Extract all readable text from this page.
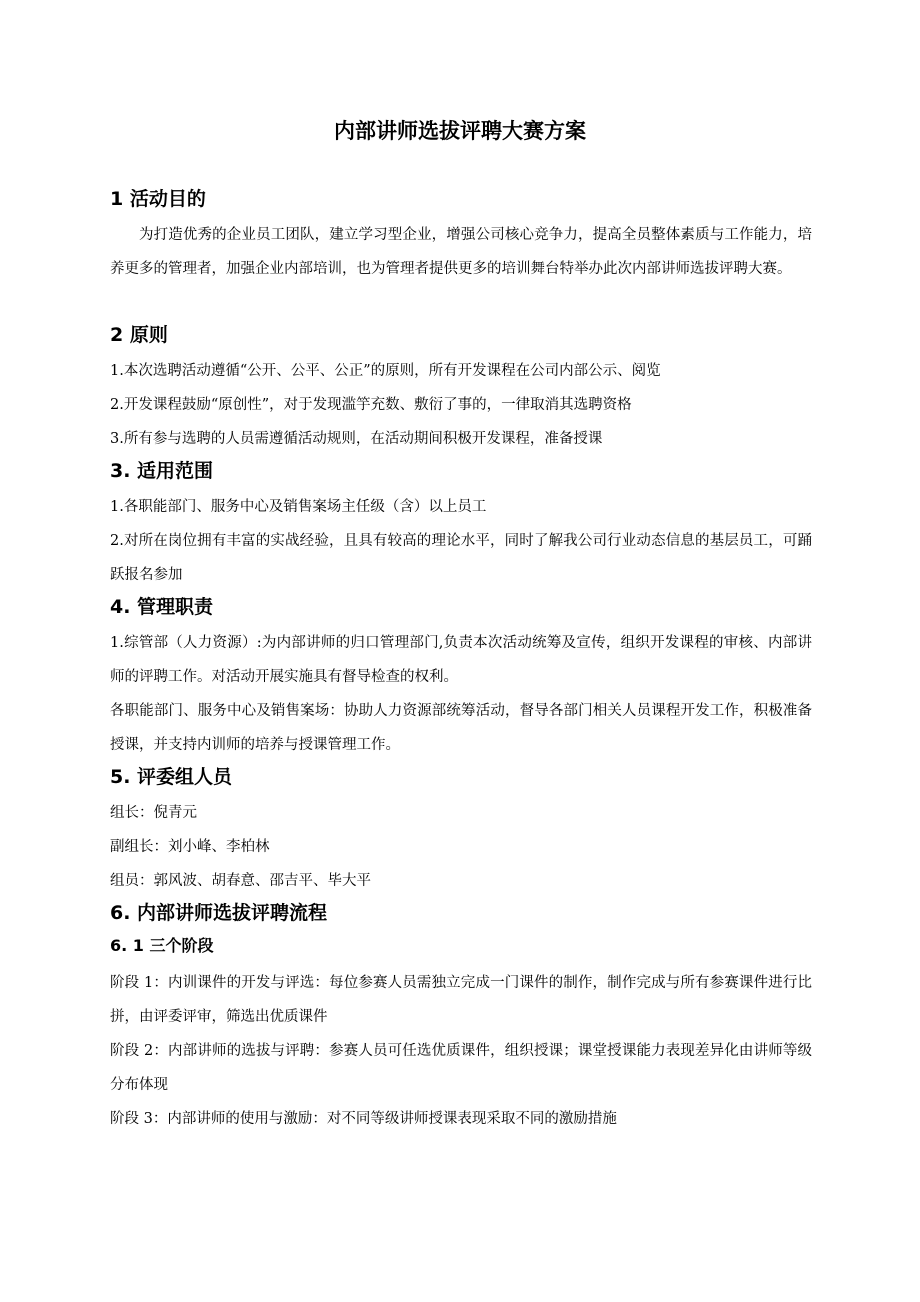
内部讲师选拔评聘大赛方案
1 活动目的
为打造优秀的企业员工团队，建立学习型企业，增强公司核心竞争力，提高全员整体素质与工作能力，培养更多的管理者，加强企业内部培训，也为管理者提供更多的培训舞台特举办此次内部讲师选拔评聘大赛。
2 原则
1.本次选聘活动遵循“公开、公平、公正”的原则，所有开发课程在公司内部公示、阅览
2.开发课程鼓励“原创性”，对于发现滥竽充数、敷衍了事的，一律取消其选聘资格
3.所有参与选聘的人员需遵循活动规则，在活动期间积极开发课程，准备授课
3. 适用范围
1.各职能部门、服务中心及销售案场主任级（含）以上员工
2.对所在岗位拥有丰富的实战经验，且具有较高的理论水平，同时了解我公司行业动态信息的基层员工，可踊跃报名参加
4. 管理职责
1.综管部（人力资源）:为内部讲师的归口管理部门,负责本次活动统筹及宣传，组织开发课程的审核、内部讲师的评聘工作。对活动开展实施具有督导检查的权利。
各职能部门、服务中心及销售案场：协助人力资源部统筹活动，督导各部门相关人员课程开发工作，积极准备授课，并支持内训师的培养与授课管理工作。
5. 评委组人员
组长：倪青元
副组长：刘小峰、李柏林
组员：郭风波、胡春意、邵吉平、毕大平
6. 内部讲师选拔评聘流程
6. 1 三个阶段
阶段 1：内训课件的开发与评选：每位参赛人员需独立完成一门课件的制作，制作完成与所有参赛课件进行比拼，由评委评审，筛选出优质课件
阶段 2：内部讲师的选拔与评聘：参赛人员可任选优质课件，组织授课；课堂授课能力表现差异化由讲师等级分布体现
阶段 3：内部讲师的使用与激励：对不同等级讲师授课表现采取不同的激励措施
